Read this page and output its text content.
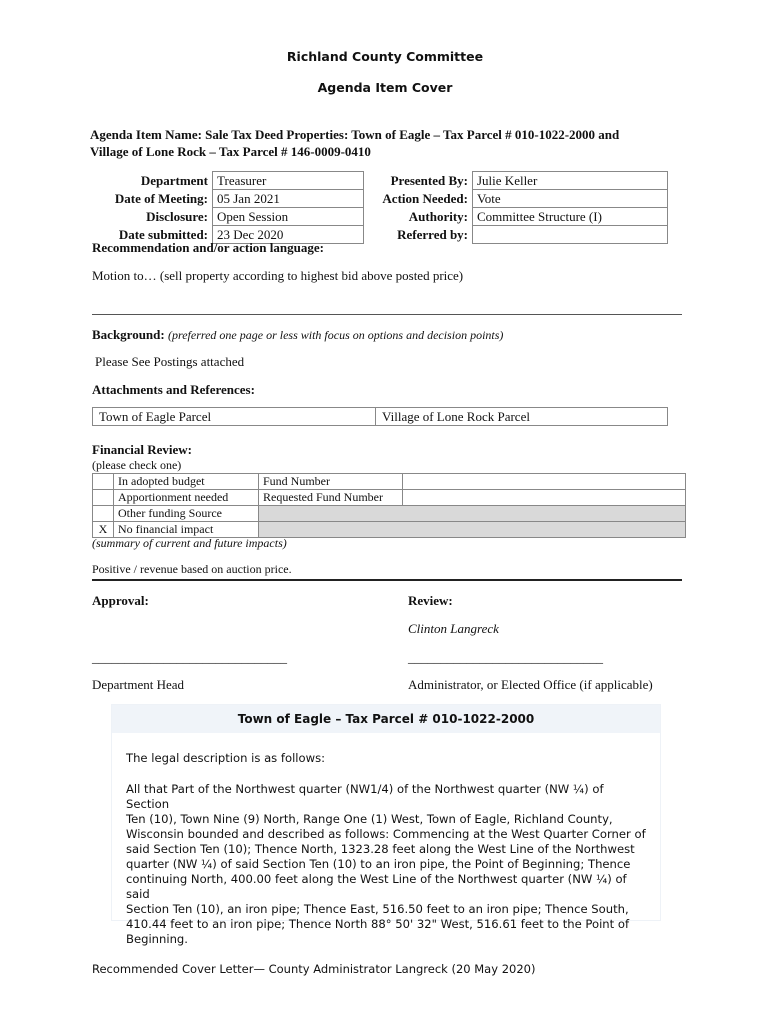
Richland County Committee
Agenda Item Cover
Agenda Item Name: Sale Tax Deed Properties: Town of Eagle – Tax Parcel # 010-1022-2000 and
Village of Lone Rock – Tax Parcel # 146-0009-0410
Department	Treasurer	Presented By:	Julie Keller
Date of Meeting:	05 Jan 2021	Action Needed:	Vote
Disclosure:	Open Session	Authority:	Committee Structure (I)
Date submitted:	23 Dec 2020	Referred by:	
Recommendation and/or action language:
Motion to… (sell property according to highest bid above posted price)
Background: (preferred one page or less with focus on options and decision points)
Please See Postings attached
Attachments and References:
Town of Eagle Parcel	Village of Lone Rock Parcel
Financial Review:
(please check one)
	In adopted budget	Fund Number	
	Apportionment needed	Requested Fund Number	
	Other funding Source		
X	No financial impact		
(summary of current and future impacts)
Positive / revenue based on auction price.
Approval:	Review:
Clinton Langreck
______________________________	______________________________
Department Head	Administrator, or Elected Office (if applicable)
Town of Eagle – Tax Parcel # 010-1022-2000
The legal description is as follows:
All that Part of the Northwest quarter (NW1/4) of the Northwest quarter (NW ¼) of Section
Ten (10), Town Nine (9) North, Range One (1) West, Town of Eagle, Richland County,
Wisconsin bounded and described as follows: Commencing at the West Quarter Corner of
said Section Ten (10); Thence North, 1323.28 feet along the West Line of the Northwest
quarter (NW ¼) of said Section Ten (10) to an iron pipe, the Point of Beginning; Thence
continuing North, 400.00 feet along the West Line of the Northwest quarter (NW ¼) of said
Section Ten (10), an iron pipe; Thence East, 516.50 feet to an iron pipe; Thence South,
410.44 feet to an iron pipe; Thence North 88° 50' 32" West, 516.61 feet to the Point of
Beginning.
Recommended Cover Letter— County Administrator Langreck (20 May 2020)
